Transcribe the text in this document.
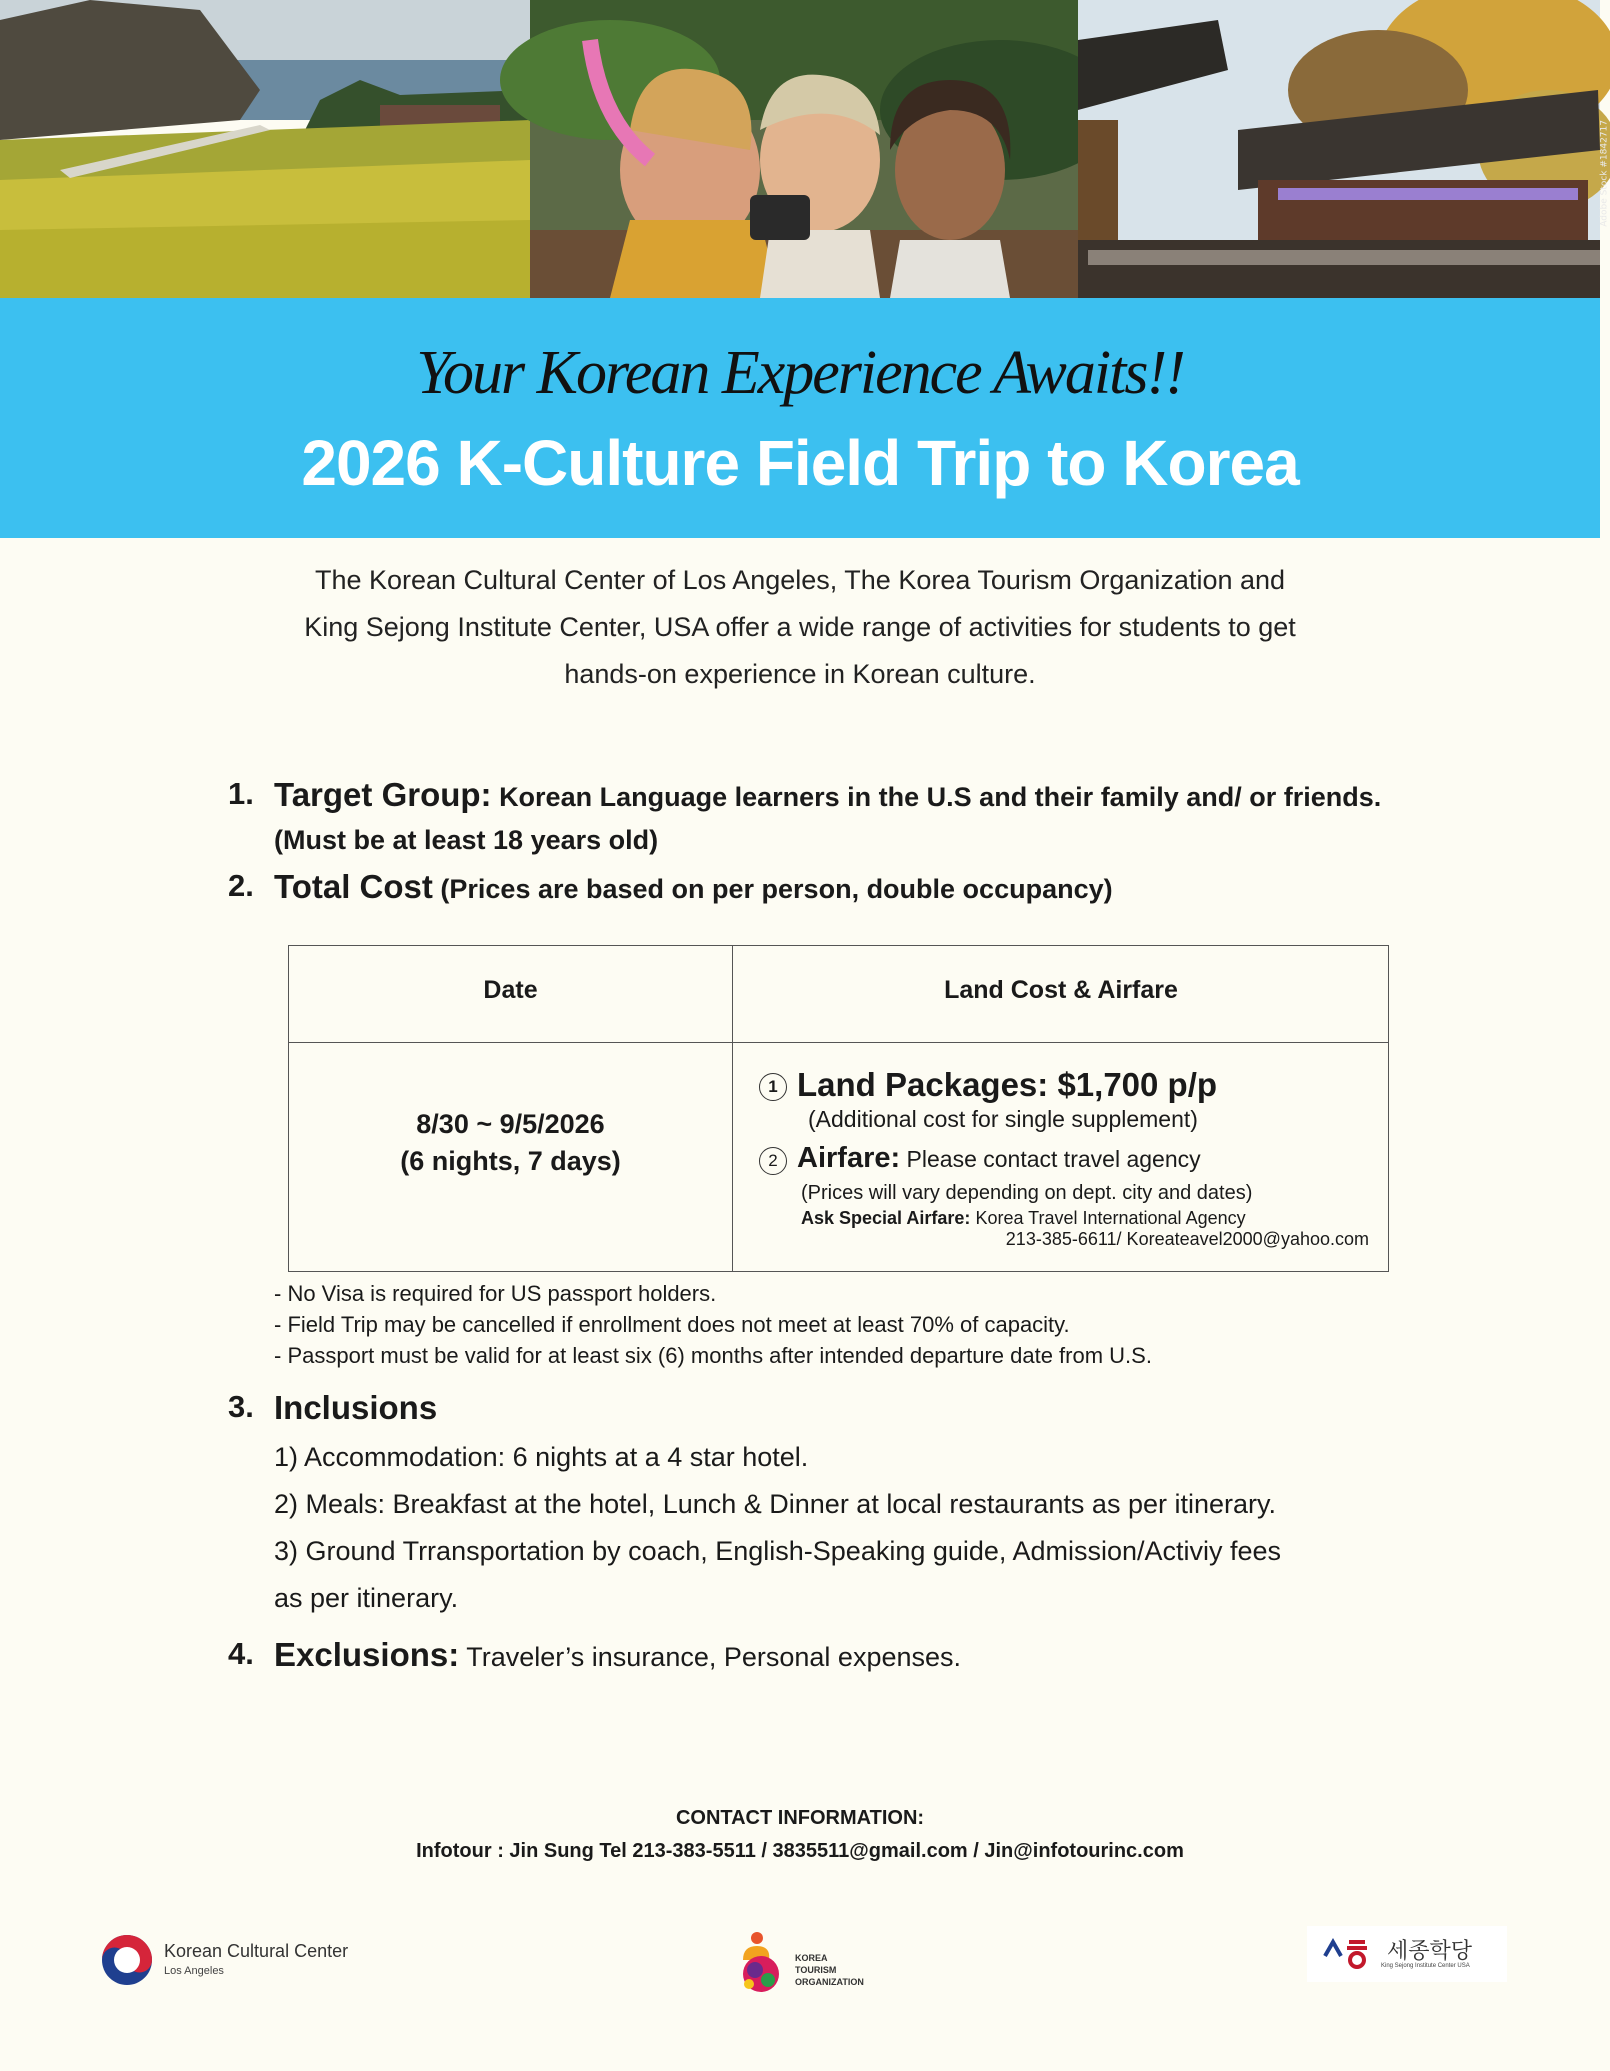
Adobe Stock #1842717
Your Korean Experience Awaits!!
2026 K-Culture Field Trip to Korea
The Korean Cultural Center of Los Angeles, The Korea Tourism Organization and
King Sejong Institute Center, USA offer a wide range of activities for students to get
hands-on experience in Korean culture.
1. Target Group: Korean Language learners in the U.S and their family and/ or friends.
(Must be at least 18 years old)
2. Total Cost (Prices are based on per person, double occupancy)
Date	Land Cost & Airfare
8/30 ~ 9/5/2026
(6 nights, 7 days)
1 Land Packages: $1,700 p/p
(Additional cost for single supplement)
2 Airfare: Please contact travel agency
(Prices will vary depending on dept. city and dates)
Ask Special Airfare: Korea Travel International Agency
213-385-6611/ Koreateavel2000@yahoo.com
- No Visa is required for US passport holders.
- Field Trip may be cancelled if enrollment does not meet at least 70% of capacity.
- Passport must be valid for at least six (6) months after intended departure date from U.S.
3. Inclusions
1) Accommodation: 6 nights at a 4 star hotel.
2) Meals: Breakfast at the hotel, Lunch & Dinner at local restaurants as per itinerary.
3) Ground Trransportation by coach, English-Speaking guide, Admission/Activiy fees
as per itinerary.
4. Exclusions: Traveler’s insurance, Personal expenses.
CONTACT INFORMATION:
Infotour : Jin Sung Tel 213-383-5511 / 3835511@gmail.com / Jin@infotourinc.com
Korean Cultural Center
Los Angeles
KOREA
TOURISM
ORGANIZATION
세종학당
King Sejong Institute Center USA
